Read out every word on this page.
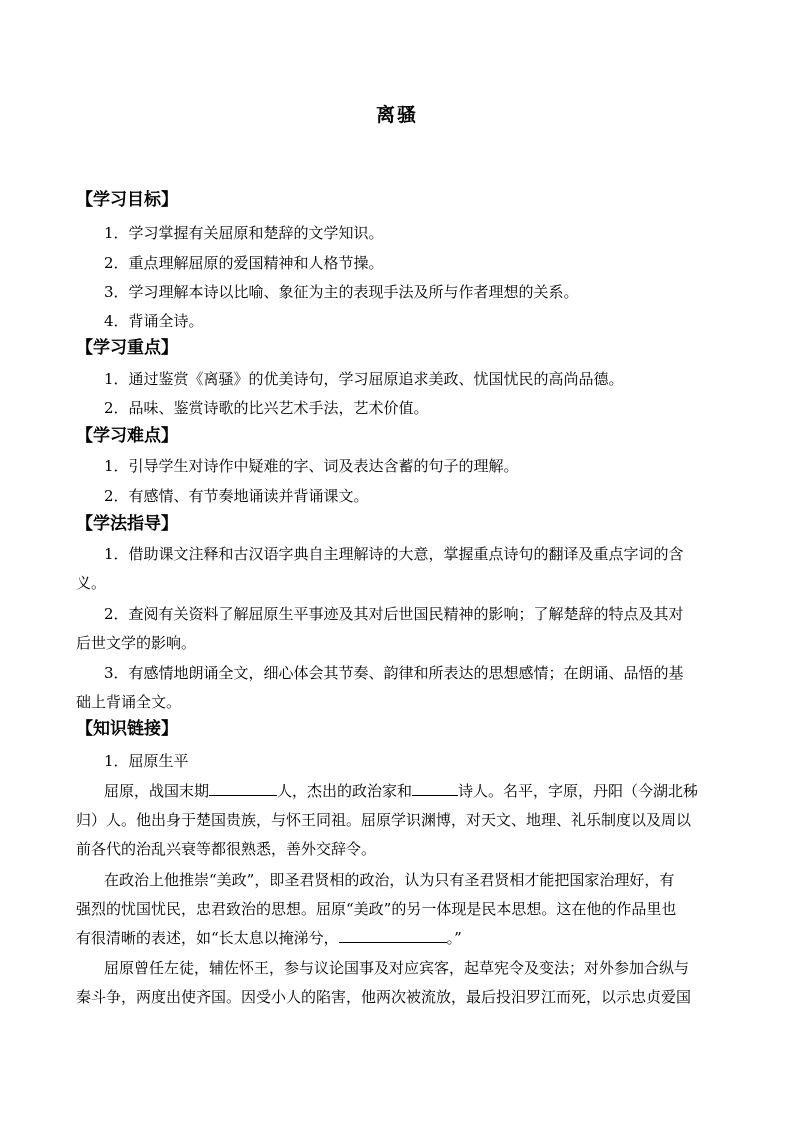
离骚
【学习目标】
1．学习掌握有关屈原和楚辞的文学知识。
2．重点理解屈原的爱国精神和人格节操。
3．学习理解本诗以比喻、象征为主的表现手法及所与作者理想的关系。
4．背诵全诗。
【学习重点】
1．通过鉴赏《离骚》的优美诗句，学习屈原追求美政、忧国忧民的高尚品德。
2．品味、鉴赏诗歌的比兴艺术手法，艺术价值。
【学习难点】
1．引导学生对诗作中疑难的字、词及表达含蓄的句子的理解。
2．有感情、有节奏地诵读并背诵课文。
【学法指导】
1．借助课文注释和古汉语字典自主理解诗的大意，掌握重点诗句的翻译及重点字词的含
义。
2．查阅有关资料了解屈原生平事迹及其对后世国民精神的影响；了解楚辞的特点及其对
后世文学的影响。
3．有感情地朗诵全文，细心体会其节奏、韵律和所表达的思想感情；在朗诵、品悟的基
础上背诵全文。
【知识链接】
1．屈原生平
屈原，战国末期	人，杰出的政治家和	诗人。名平，字原，丹阳（今湖北秭
归）人。他出身于楚国贵族，与怀王同祖。屈原学识渊博，对天文、地理、礼乐制度以及周以
前各代的治乱兴衰等都很熟悉，善外交辞令。
在政治上他推崇“美政”，即圣君贤相的政治，认为只有圣君贤相才能把国家治理好，有
强烈的忧国忧民，忠君致治的思想。屈原“美政”的另一体现是民本思想。这在他的作品里也
有很清晰的表述，如“长太息以掩涕兮，	。”
屈原曾任左徒，辅佐怀王，参与议论国事及对应宾客，起草宪令及变法；对外参加合纵与
秦斗争，两度出使齐国。因受小人的陷害，他两次被流放，最后投汨罗江而死，以示忠贞爱国
